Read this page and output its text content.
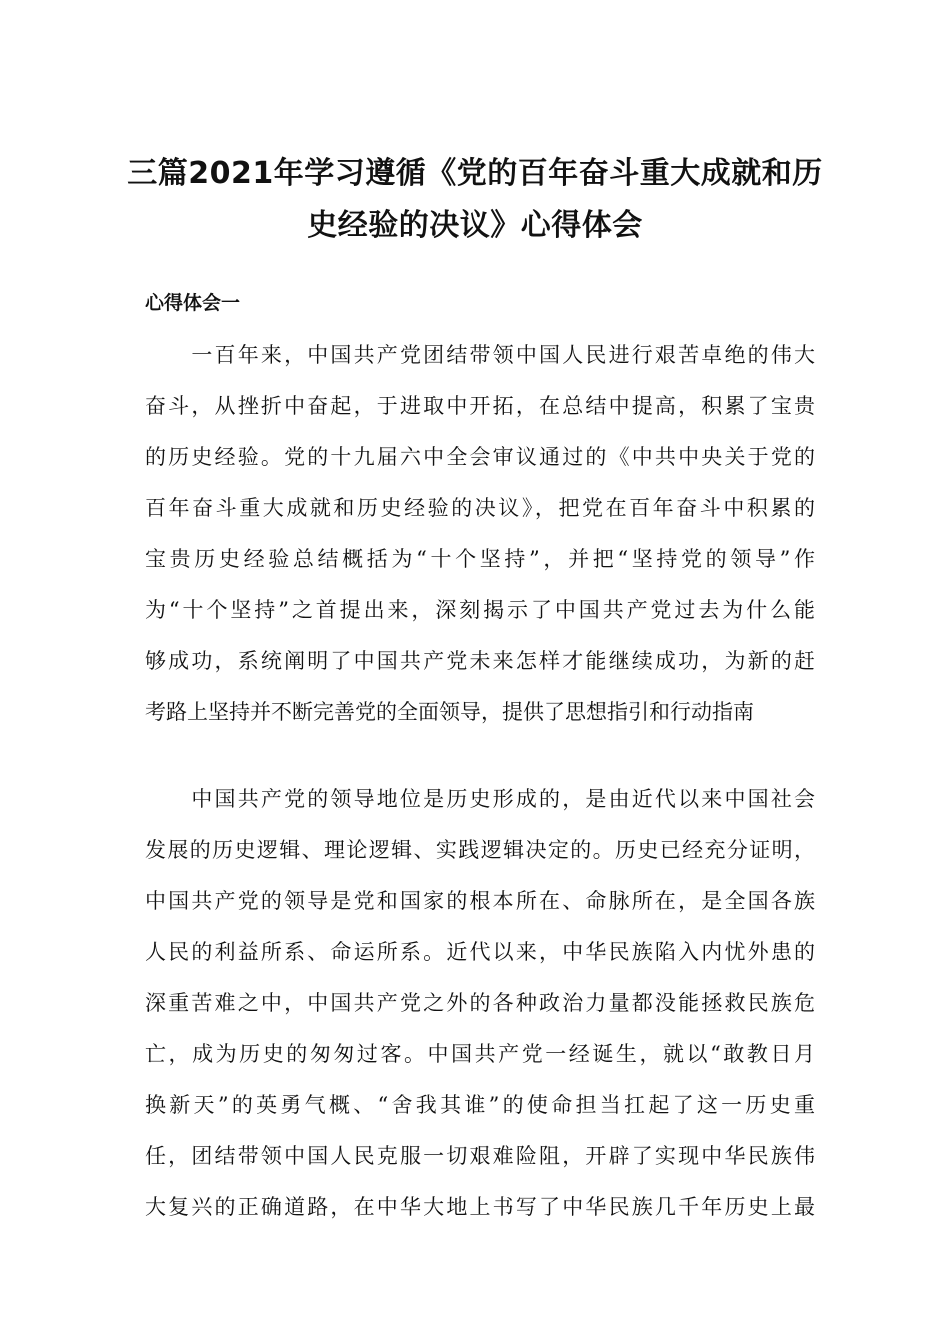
三篇2021年学习遵循《党的百年奋斗重大成就和历
史经验的决议》心得体会
心得体会一
　　一百年来，中国共产党团结带领中国人民进行艰苦卓绝的伟大
奋斗，从挫折中奋起，于进取中开拓，在总结中提高，积累了宝贵
的历史经验。党的十九届六中全会审议通过的《中共中央关于党的
百年奋斗重大成就和历史经验的决议》，把党在百年奋斗中积累的
宝贵历史经验总结概括为“十个坚持”，并把“坚持党的领导”作
为“十个坚持”之首提出来，深刻揭示了中国共产党过去为什么能
够成功，系统阐明了中国共产党未来怎样才能继续成功，为新的赶
考路上坚持并不断完善党的全面领导，提供了思想指引和行动指南
　　中国共产党的领导地位是历史形成的，是由近代以来中国社会
发展的历史逻辑、理论逻辑、实践逻辑决定的。历史已经充分证明，
中国共产党的领导是党和国家的根本所在、命脉所在，是全国各族
人民的利益所系、命运所系。近代以来，中华民族陷入内忧外患的
深重苦难之中，中国共产党之外的各种政治力量都没能拯救民族危
亡，成为历史的匆匆过客。中国共产党一经诞生，就以“敢教日月
换新天”的英勇气概、“舍我其谁”的使命担当扛起了这一历史重
任，团结带领中国人民克服一切艰难险阻，开辟了实现中华民族伟
大复兴的正确道路，在中华大地上书写了中华民族几千年历史上最
